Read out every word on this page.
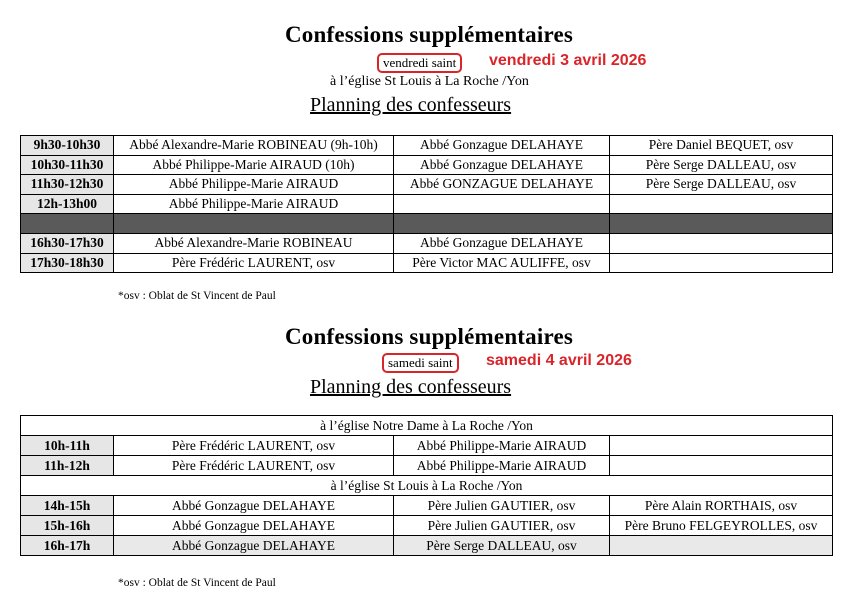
Confessions supplémentaires
vendredi saint	vendredi 3 avril 2026
à l’église St Louis à La Roche /Yon
Planning des confesseurs
9h30-10h30	Abbé Alexandre-Marie ROBINEAU (9h-10h)	Abbé Gonzague DELAHAYE	Père Daniel BEQUET, osv
10h30-11h30	Abbé Philippe-Marie AIRAUD (10h)	Abbé Gonzague DELAHAYE	Père Serge DALLEAU, osv
11h30-12h30	Abbé Philippe-Marie AIRAUD	Abbé GONZAGUE DELAHAYE	Père Serge DALLEAU, osv
12h-13h00	Abbé Philippe-Marie AIRAUD		

16h30-17h30	Abbé Alexandre-Marie ROBINEAU	Abbé Gonzague DELAHAYE	
17h30-18h30	Père Frédéric LAURENT, osv	Père Victor MAC AULIFFE, osv	
*osv : Oblat de St Vincent de Paul
Confessions supplémentaires
samedi saint	samedi 4 avril 2026
Planning des confesseurs
à l’église Notre Dame à La Roche /Yon			
10h-11h	Père Frédéric LAURENT, osv	Abbé Philippe-Marie AIRAUD	
11h-12h	Père Frédéric LAURENT, osv	Abbé Philippe-Marie AIRAUD	
à l’église St Louis à La Roche /Yon			
14h-15h	Abbé Gonzague DELAHAYE	Père Julien GAUTIER, osv	Père Alain RORTHAIS, osv
15h-16h	Abbé Gonzague DELAHAYE	Père Julien GAUTIER, osv	Père Bruno FELGEYROLLES, osv
16h-17h	Abbé Gonzague DELAHAYE	Père Serge DALLEAU, osv	
*osv : Oblat de St Vincent de Paul
